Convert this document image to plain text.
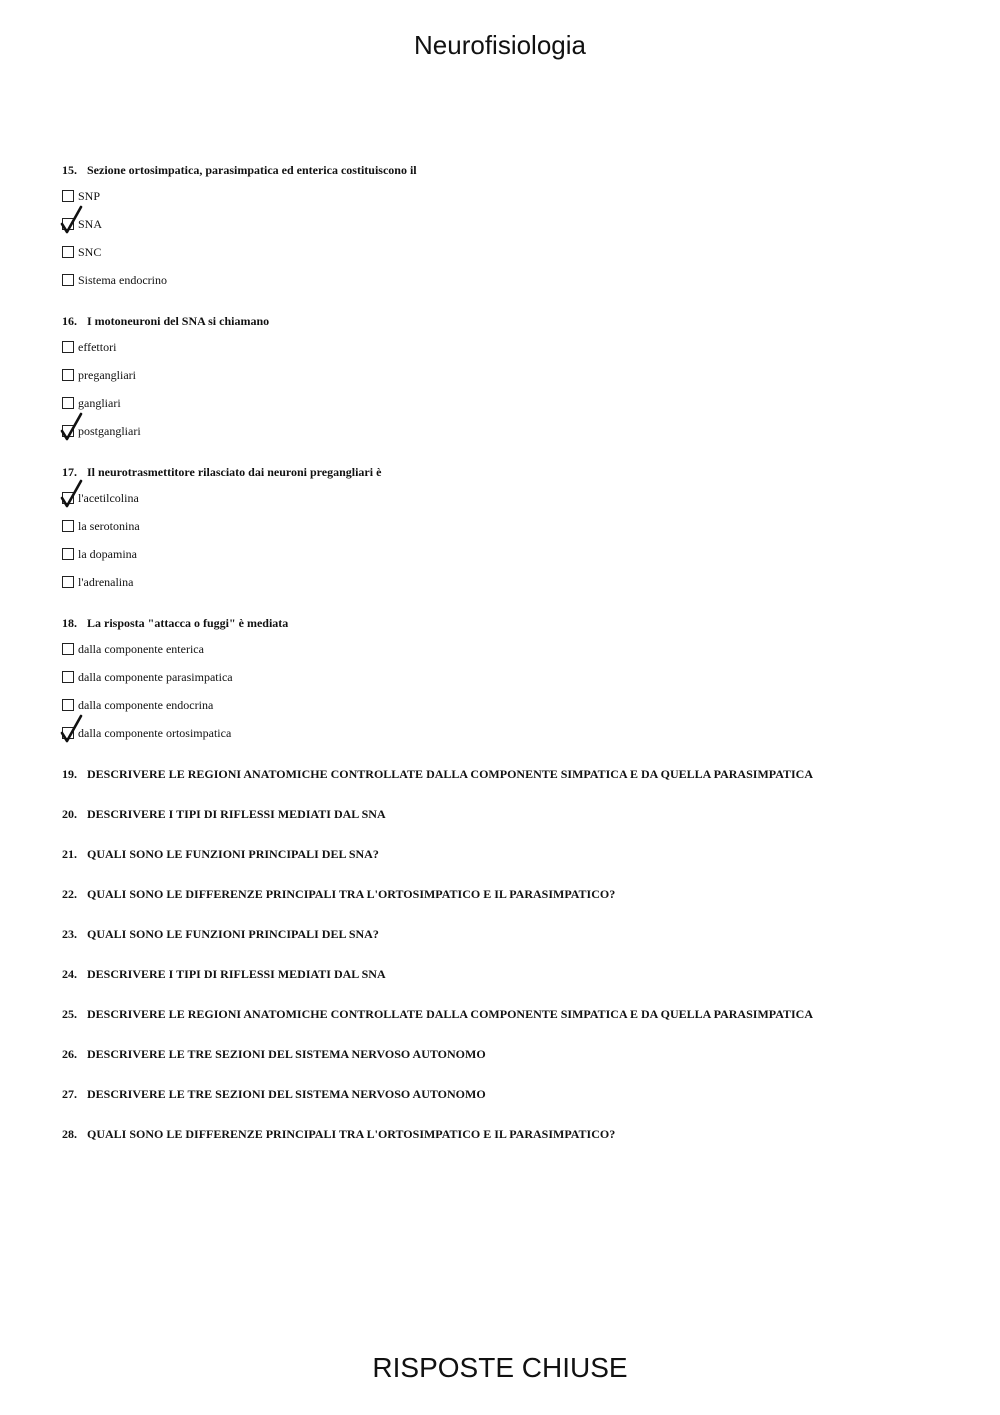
Neurofisiologia
15. Sezione ortosimpatica, parasimpatica ed enterica costituiscono il
SNP
SNA
SNC
Sistema endocrino
16. I motoneuroni del SNA si chiamano
effettori
pregangliari
gangliari
postgangliari
17. Il neurotrasmettitore rilasciato dai neuroni pregangliari è
l'acetilcolina
la serotonina
la dopamina
l'adrenalina
18. La risposta "attacca o fuggi" è mediata
dalla componente enterica
dalla componente parasimpatica
dalla componente endocrina
dalla componente ortosimpatica
19. DESCRIVERE LE REGIONI ANATOMICHE CONTROLLATE DALLA COMPONENTE SIMPATICA E DA QUELLA PARASIMPATICA
20. DESCRIVERE I TIPI DI RIFLESSI MEDIATI DAL SNA
21. QUALI SONO LE FUNZIONI PRINCIPALI DEL SNA?
22. QUALI SONO LE DIFFERENZE PRINCIPALI TRA L'ORTOSIMPATICO E IL PARASIMPATICO?
23. QUALI SONO LE FUNZIONI PRINCIPALI DEL SNA?
24. DESCRIVERE I TIPI DI RIFLESSI MEDIATI DAL SNA
25. DESCRIVERE LE REGIONI ANATOMICHE CONTROLLATE DALLA COMPONENTE SIMPATICA E DA QUELLA PARASIMPATICA
26. DESCRIVERE LE TRE SEZIONI DEL SISTEMA NERVOSO AUTONOMO
27. DESCRIVERE LE TRE SEZIONI DEL SISTEMA NERVOSO AUTONOMO
28. QUALI SONO LE DIFFERENZE PRINCIPALI TRA L'ORTOSIMPATICO E IL PARASIMPATICO?
RISPOSTE CHIUSE
